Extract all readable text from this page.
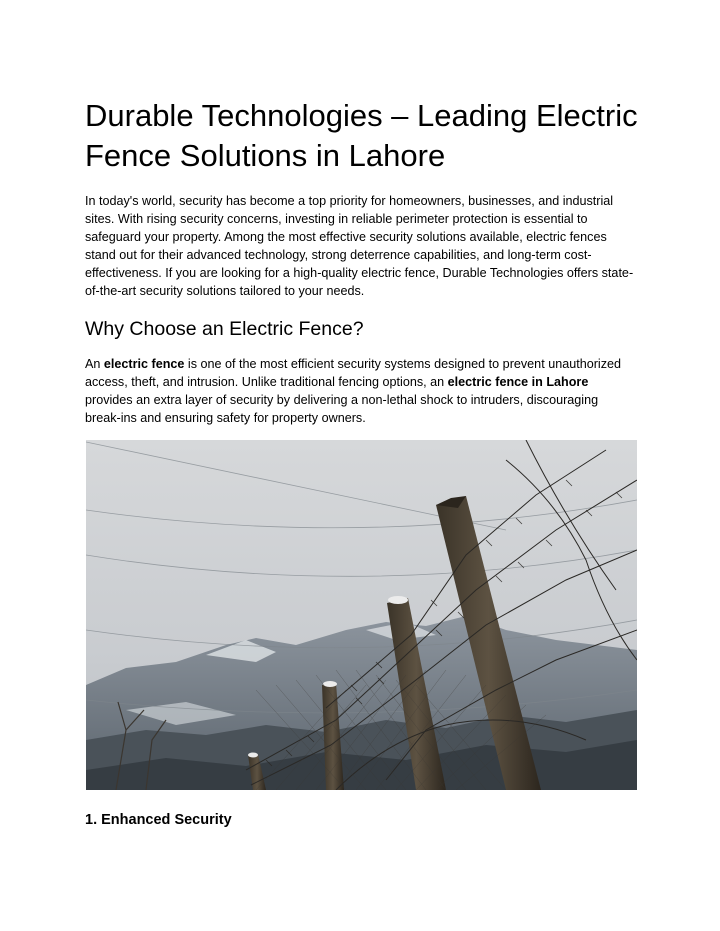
Durable Technologies – Leading Electric Fence Solutions in Lahore

In today's world, security has become a top priority for homeowners, businesses, and industrial sites. With rising security concerns, investing in reliable perimeter protection is essential to safeguard your property. Among the most effective security solutions available, electric fences stand out for their advanced technology, strong deterrence capabilities, and long-term cost-effectiveness. If you are looking for a high-quality electric fence, Durable Technologies offers state-of-the-art security solutions tailored to your needs.

Why Choose an Electric Fence?

An electric fence is one of the most efficient security systems designed to prevent unauthorized access, theft, and intrusion. Unlike traditional fencing options, an electric fence in Lahore provides an extra layer of security by delivering a non-lethal shock to intruders, discouraging break-ins and ensuring safety for property owners.

1. Enhanced Security
